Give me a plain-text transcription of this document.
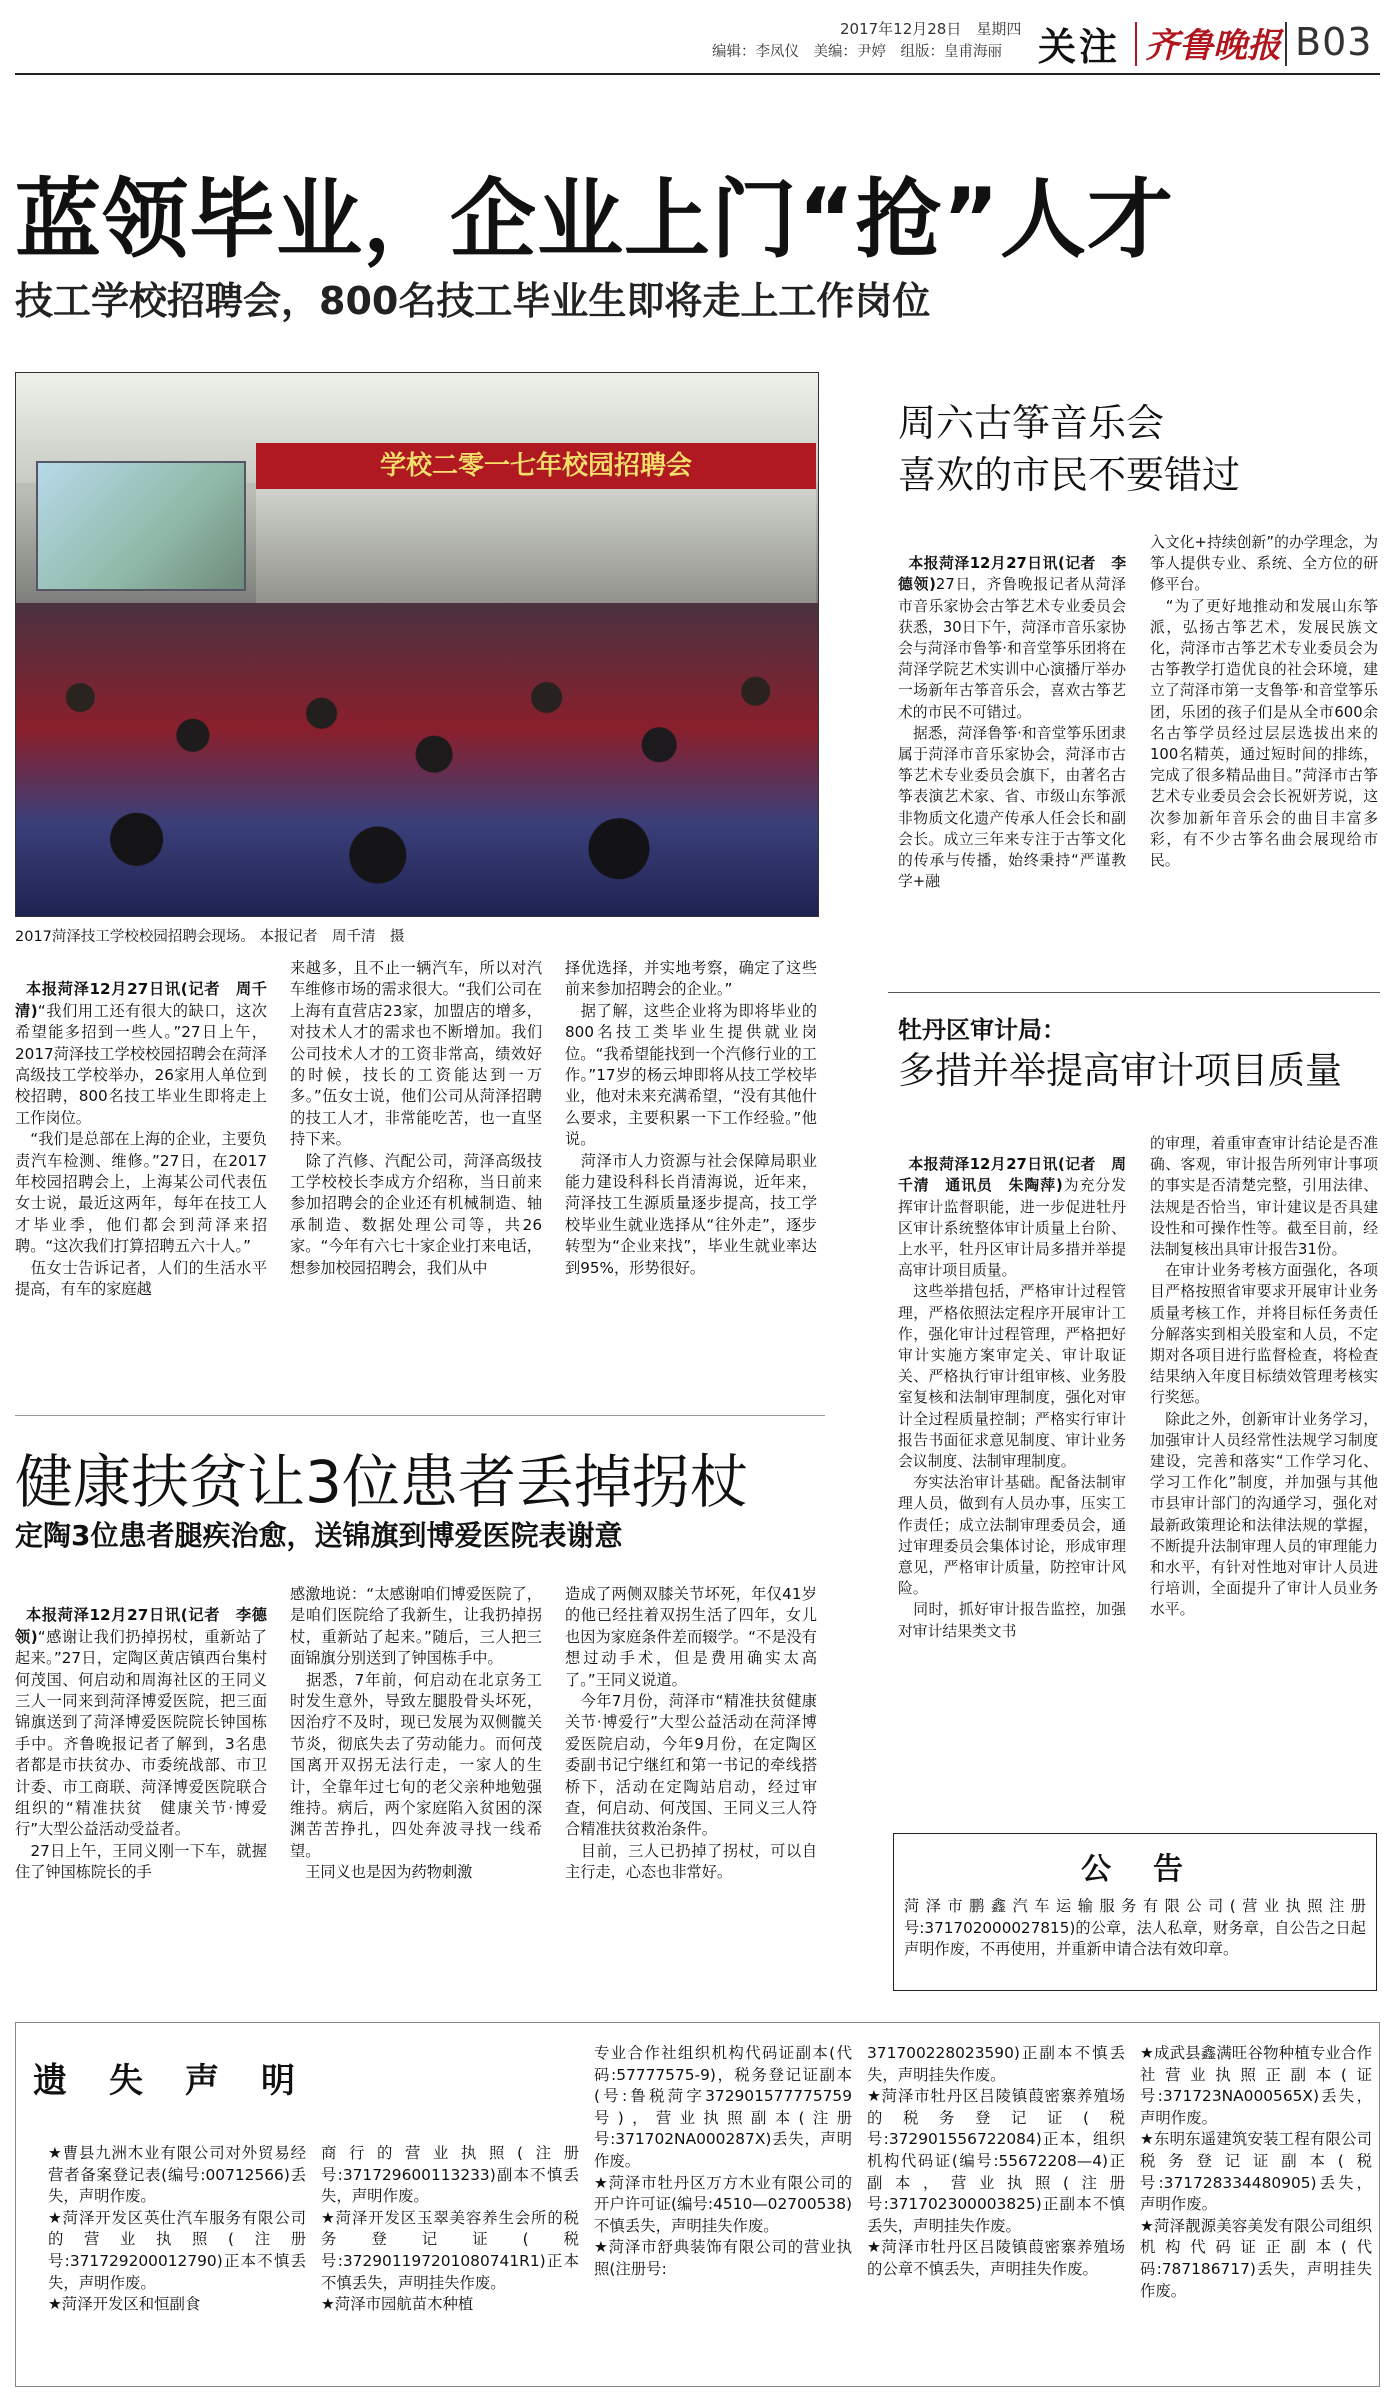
2017年12月28日　 星期四
编辑：李凤仪　美编：尹婷　组版：皇甫海丽 关注 齐鲁晚报 B03
蓝领毕业，企业上门“抢”人才
技工学校招聘会，800名技工毕业生即将走上工作岗位
学校二零一七年校园招聘会
2017菏泽技工学校校园招聘会现场。 本报记者　周千清　摄

本报菏泽12月27日讯(记者　周千清)“我们用工还有很大的缺口，这次希望能多招到一些人。”27日上午，2017菏泽技工学校校园招聘会在菏泽高级技工学校举办，26家用人单位到校招聘，800名技工毕业生即将走上工作岗位。
　“我们是总部在上海的企业，主要负责汽车检测、维修。”27日，在2017年校园招聘会上，上海某公司代表伍女士说，最近这两年，每年在技工人才毕业季，他们都会到菏泽来招聘。“这次我们打算招聘五六十人。”
　伍女士告诉记者，人们的生活水平提高，有车的家庭越

来越多，且不止一辆汽车，所以对汽车维修市场的需求很大。“我们公司在上海有直营店23家，加盟店的增多，对技术人才的需求也不断增加。我们公司技术人才的工资非常高，绩效好的时候，技长的工资能达到一万多。”伍女士说，他们公司从菏泽招聘的技工人才，非常能吃苦，也一直坚持下来。
　除了汽修、汽配公司，菏泽高级技工学校校长李成方介绍称，当日前来参加招聘会的企业还有机械制造、轴承制造、数据处理公司等，共26家。“今年有六七十家企业打来电话，想参加校园招聘会，我们从中
择优选择，并实地考察，确定了这些前来参加招聘会的企业。”
　据了解，这些企业将为即将毕业的800名技工类毕业生提供就业岗位。“我希望能找到一个汽修行业的工作。”17岁的杨云坤即将从技工学校毕业，他对未来充满希望，“没有其他什么要求，主要积累一下工作经验。”他说。
　菏泽市人力资源与社会保障局职业能力建设科科长肖清海说，近年来，菏泽技工生源质量逐步提高，技工学校毕业生就业选择从“往外走”，逐步转型为“企业来找”，毕业生就业率达到95%，形势很好。
周六古筝音乐会
喜欢的市民不要错过

本报菏泽12月27日讯(记者　李德领)27日，齐鲁晚报记者从菏泽市音乐家协会古筝艺术专业委员会获悉，30日下午，菏泽市音乐家协会与菏泽市鲁筝·和音堂筝乐团将在菏泽学院艺术实训中心演播厅举办一场新年古筝音乐会，喜欢古筝艺术的市民不可错过。
　据悉，菏泽鲁筝·和音堂筝乐团隶属于菏泽市音乐家协会，菏泽市古筝艺术专业委员会旗下，由著名古筝表演艺术家、省、市级山东筝派非物质文化遗产传承人任会长和副会长。成立三年来专注于古筝文化的传承与传播，始终秉持“严谨教学+融

入文化+持续创新”的办学理念，为筝人提供专业、系统、全方位的研修平台。
　“为了更好地推动和发展山东筝派，弘扬古筝艺术，发展民族文化，菏泽市古筝艺术专业委员会为古筝教学打造优良的社会环境，建立了菏泽市第一支鲁筝·和音堂筝乐团，乐团的孩子们是从全市600余名古筝学员经过层层选拔出来的100名精英，通过短时间的排练，完成了很多精品曲目。”菏泽市古筝艺术专业委员会会长祝妍芳说，这次参加新年音乐会的曲目丰富多彩，有不少古筝名曲会展现给市民。
牡丹区审计局：
多措并举提高审计项目质量

本报菏泽12月27日讯(记者　周千清　通讯员　朱陶萍)为充分发挥审计监督职能，进一步促进牡丹区审计系统整体审计质量上台阶、上水平，牡丹区审计局多措并举提高审计项目质量。
　这些举措包括，严格审计过程管理，严格依照法定程序开展审计工作，强化审计过程管理，严格把好审计实施方案审定关、审计取证关、严格执行审计组审核、业务股室复核和法制审理制度，强化对审计全过程质量控制；严格实行审计报告书面征求意见制度、审计业务会议制度、法制审理制度。
　夯实法治审计基础。配备法制审理人员，做到有人员办事，压实工作责任；成立法制审理委员会，通过审理委员会集体讨论，形成审理意见，严格审计质量，防控审计风险。
　同时，抓好审计报告监控，加强对审计结果类文书

的审理，着重审查审计结论是否准确、客观，审计报告所列审计事项的事实是否清楚完整，引用法律、法规是否恰当，审计建议是否具建设性和可操作性等。截至目前，经法制复核出具审计报告31份。
　在审计业务考核方面强化，各项目严格按照省审要求开展审计业务质量考核工作，并将目标任务责任分解落实到相关股室和人员，不定期对各项目进行监督检查，将检查结果纳入年度目标绩效管理考核实行奖惩。
　除此之外，创新审计业务学习，加强审计人员经常性法规学习制度建设，完善和落实“工作学习化、学习工作化”制度，并加强与其他市县审计部门的沟通学习，强化对最新政策理论和法律法规的掌握，不断提升法制审理人员的审理能力和水平，有针对性地对审计人员进行培训，全面提升了审计人员业务水平。
健康扶贫让3位患者丢掉拐杖
定陶3位患者腿疾治愈，送锦旗到博爱医院表谢意

本报菏泽12月27日讯(记者　李德领)“感谢让我们扔掉拐杖，重新站了起来。”27日，定陶区黄店镇西台集村何茂国、何启动和周海社区的王同义三人一同来到菏泽博爱医院，把三面锦旗送到了菏泽博爱医院院长钟国栋手中。齐鲁晚报记者了解到，3名患者都是市扶贫办、市委统战部、市卫计委、市工商联、菏泽博爱医院联合组织的“精准扶贫　健康关节·博爱行”大型公益活动受益者。
　27日上午，王同义刚一下车，就握住了钟国栋院长的手

感激地说：“太感谢咱们博爱医院了，是咱们医院给了我新生，让我扔掉拐杖，重新站了起来。”随后，三人把三面锦旗分别送到了钟国栋手中。
　据悉，7年前，何启动在北京务工时发生意外，导致左腿股骨头坏死，因治疗不及时，现已发展为双侧髋关节炎，彻底失去了劳动能力。而何茂国离开双拐无法行走，一家人的生计，全靠年过七旬的老父亲种地勉强维持。病后，两个家庭陷入贫困的深渊苦苦挣扎，四处奔波寻找一线希望。
　王同义也是因为药物刺激
造成了两侧双膝关节坏死，年仅41岁的他已经拄着双拐生活了四年，女儿也因为家庭条件差而辍学。“不是没有想过动手术，但是费用确实太高了。”王同义说道。
　今年7月份，菏泽市“精准扶贫健康关节·博爱行”大型公益活动在菏泽博爱医院启动，今年9月份，在定陶区委副书记宁继红和第一书记的牵线搭桥下，活动在定陶站启动，经过审查，何启动、何茂国、王同义三人符合精准扶贫救治条件。
　目前，三人已扔掉了拐杖，可以自主行走，心态也非常好。	公　告
菏泽市鹏鑫汽车运输服务有限公司(营业执照注册号:371702000027815)的公章，法人私章，财务章，自公告之日起声明作废，不再使用，并重新申请合法有效印章。
遗　失　声　明
★曹县九洲木业有限公司对外贸易经营者备案登记表(编号:00712566)丢失，声明作废。
★菏泽开发区英仕汽车服务有限公司的营业执照(注册号:371729200012790)正本不慎丢失，声明作废。
★菏泽开发区和恒副食
商行的营业执照(注册号:371729600113233)副本不慎丢失，声明作废。
★菏泽开发区玉翠美容养生会所的税务登记证(税号:372901197201080741R1)正本不慎丢失，声明挂失作废。
★菏泽市园航苗木种植
专业合作社组织机构代码证副本(代码:57777575-9)，税务登记证副本(号:鲁税菏字372901577775759号)，营业执照副本(注册号:371702NA000287X)丢失，声明作废。
★菏泽市牡丹区万方木业有限公司的开户许可证(编号:4510—02700538)不慎丢失，声明挂失作废。
★菏泽市舒典装饰有限公司的营业执照(注册号:
371700228023590)正副本不慎丢失，声明挂失作废。
★菏泽市牡丹区吕陵镇葭密寨养殖场的税务登记证(税号:372901556722084)正本，组织机构代码证(编号:55672208—4)正副本，营业执照(注册号:371702300003825)正副本不慎丢失，声明挂失作废。
★菏泽市牡丹区吕陵镇葭密寨养殖场的公章不慎丢失，声明挂失作废。
★成武县鑫满旺谷物种植专业合作社营业执照正副本(证号:371723NA000565X)丢失，声明作废。
★东明东遥建筑安装工程有限公司税务登记证副本(税号:371728334480905)丢失，声明作废。
★菏泽靓源美容美发有限公司组织机构代码证正副本(代码:787186717)丢失，声明挂失作废。
